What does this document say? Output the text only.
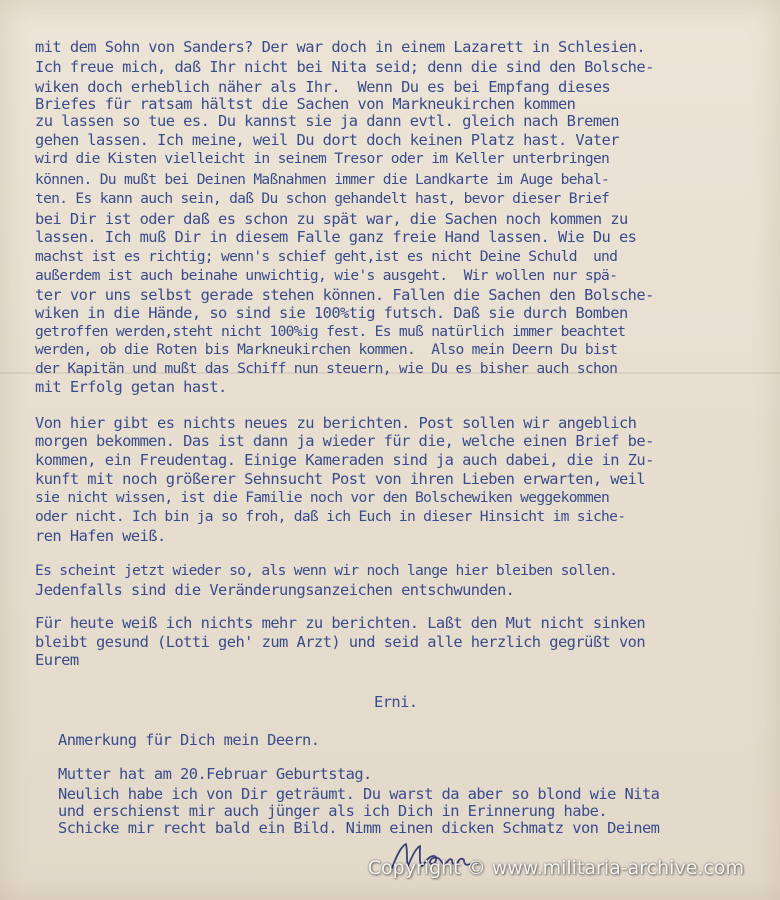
mit dem Sohn von Sanders? Der war doch in einem Lazarett in Schlesien.
Ich freue mich, daß Ihr nicht bei Nita seid; denn die sind den Bolsche-
wiken doch erheblich näher als Ihr.  Wenn Du es bei Empfang dieses
Briefes für ratsam hältst die Sachen von Markneukirchen kommen
zu lassen so tue es. Du kannst sie ja dann evtl. gleich nach Bremen
gehen lassen. Ich meine, weil Du dort doch keinen Platz hast. Vater
wird die Kisten vielleicht in seinem Tresor oder im Keller unterbringen
können. Du mußt bei Deinen Maßnahmen immer die Landkarte im Auge behal-
ten. Es kann auch sein, daß Du schon gehandelt hast, bevor dieser Brief
bei Dir ist oder daß es schon zu spät war, die Sachen noch kommen zu
lassen. Ich muß Dir in diesem Falle ganz freie Hand lassen. Wie Du es
machst ist es richtig; wenn's schief geht,ist es nicht Deine Schuld  und
außerdem ist auch beinahe unwichtig, wie's ausgeht.  Wir wollen nur spä-
ter vor uns selbst gerade stehen können. Fallen die Sachen den Bolsche-
wiken in die Hände, so sind sie 100%tig futsch. Daß sie durch Bomben
getroffen werden,steht nicht 100%ig fest. Es muß natürlich immer beachtet
werden, ob die Roten bis Markneukirchen kommen.  Also mein Deern Du bist
der Kapitän und mußt das Schiff nun steuern, wie Du es bisher auch schon
mit Erfolg getan hast.
Von hier gibt es nichts neues zu berichten. Post sollen wir angeblich
morgen bekommen. Das ist dann ja wieder für die, welche einen Brief be-
kommen, ein Freudentag. Einige Kameraden sind ja auch dabei, die in Zu-
kunft mit noch größerer Sehnsucht Post von ihren Lieben erwarten, weil
sie nicht wissen, ist die Familie noch vor den Bolschewiken weggekommen
oder nicht. Ich bin ja so froh, daß ich Euch in dieser Hinsicht im siche-
ren Hafen weiß.
Es scheint jetzt wieder so, als wenn wir noch lange hier bleiben sollen.
Jedenfalls sind die Veränderungsanzeichen entschwunden.
Für heute weiß ich nichts mehr zu berichten. Laßt den Mut nicht sinken
bleibt gesund (Lotti geh' zum Arzt) und seid alle herzlich gegrüßt von
Eurem
Erni.
Anmerkung für Dich mein Deern.
Mutter hat am 20.Februar Geburtstag.
Neulich habe ich von Dir geträumt. Du warst da aber so blond wie Nita
und erschienst mir auch jünger als ich Dich in Erinnerung habe.
Schicke mir recht bald ein Bild. Nimm einen dicken Schmatz von Deinem
Copyright © www.militaria-archive.com
